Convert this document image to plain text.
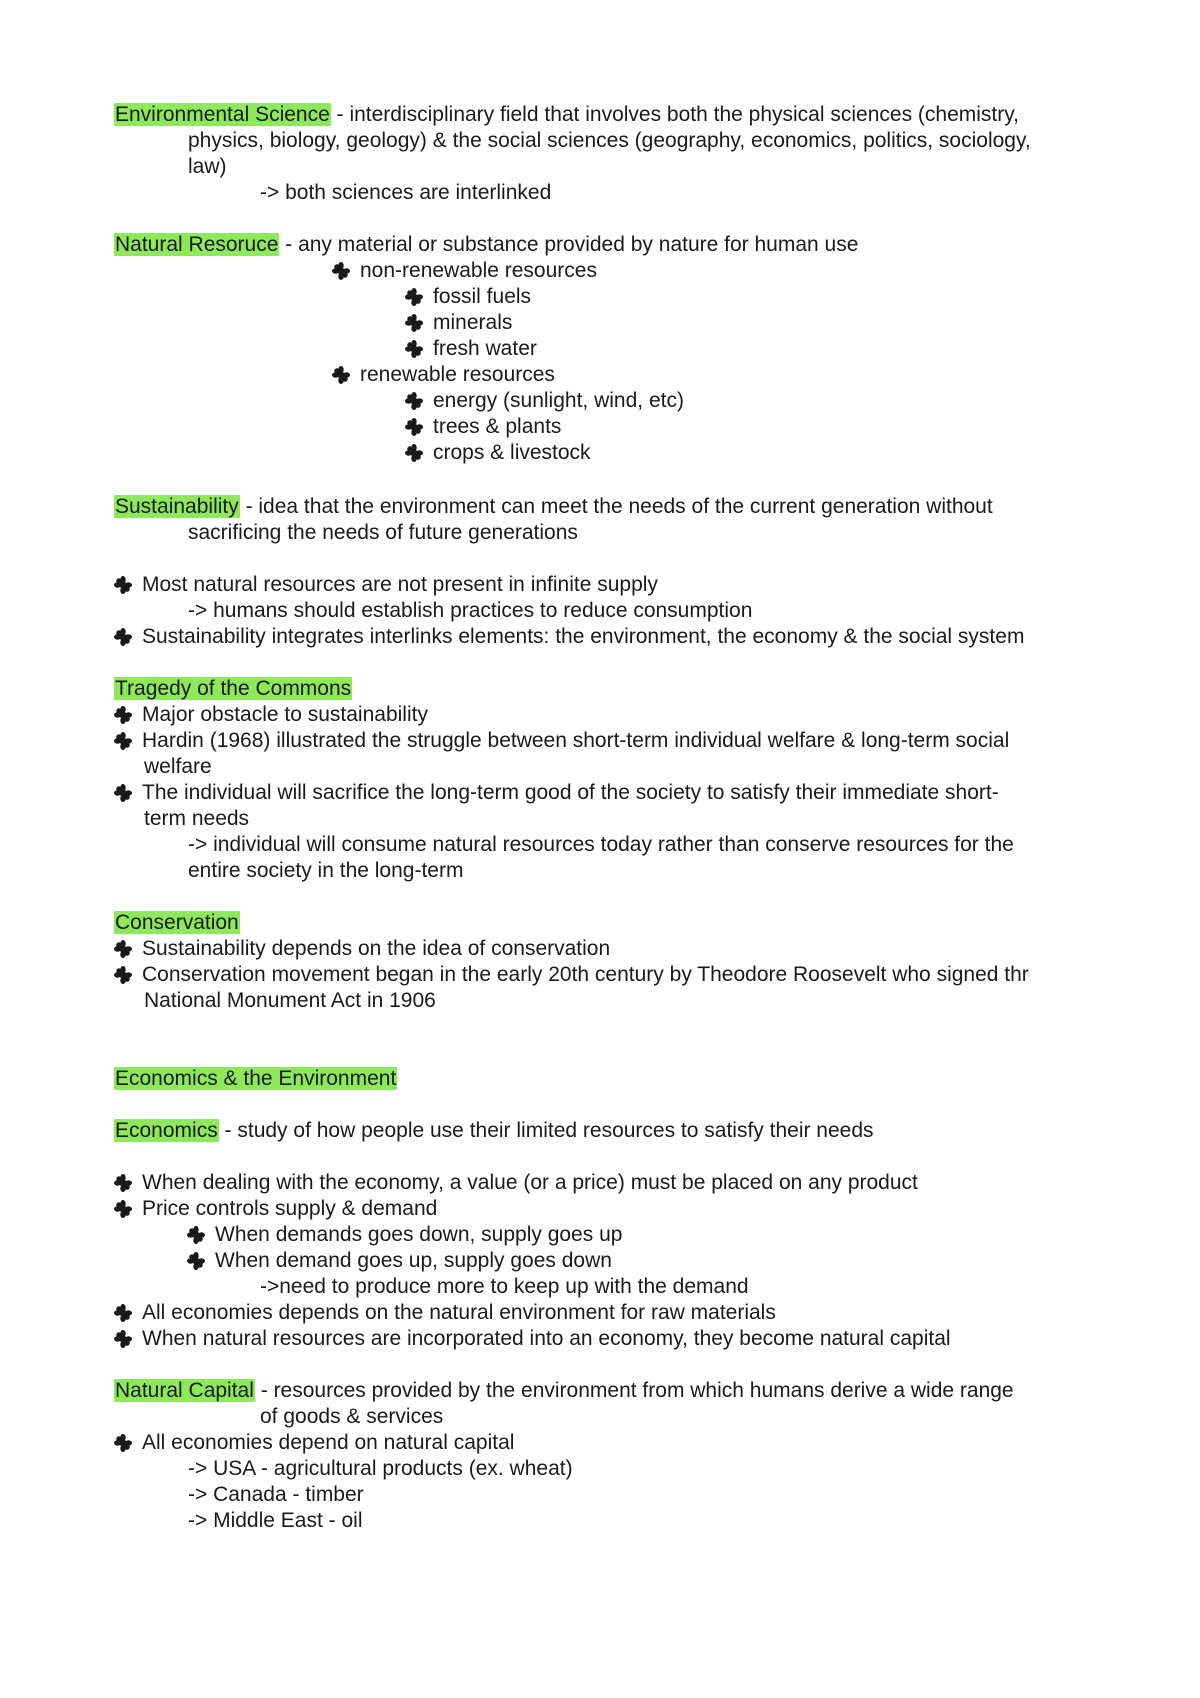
Environmental Science - interdisciplinary field that involves both the physical sciences (chemistry,
physics, biology, geology) & the social sciences (geography, economics, politics, sociology,
law)
-> both sciences are interlinked
Natural Resoruce - any material or substance provided by nature for human use
non-renewable resources
fossil fuels
minerals
fresh water
renewable resources
energy (sunlight, wind, etc)
trees & plants
crops & livestock
Sustainability - idea that the environment can meet the needs of the current generation without
sacrificing the needs of future generations
Most natural resources are not present in infinite supply
-> humans should establish practices to reduce consumption
Sustainability integrates interlinks elements: the environment, the economy & the social system
Tragedy of the Commons
Major obstacle to sustainability
Hardin (1968) illustrated the struggle between short-term individual welfare & long-term social
welfare
The individual will sacrifice the long-term good of the society to satisfy their immediate short-
term needs
-> individual will consume natural resources today rather than conserve resources for the
entire society in the long-term
Conservation
Sustainability depends on the idea of conservation
Conservation movement began in the early 20th century by Theodore Roosevelt who signed thr
National Monument Act in 1906
Economics & the Environment
Economics - study of how people use their limited resources to satisfy their needs
When dealing with the economy, a value (or a price) must be placed on any product
Price controls supply & demand
When demands goes down, supply goes up
When demand goes up, supply goes down
->need to produce more to keep up with the demand
All economies depends on the natural environment for raw materials
When natural resources are incorporated into an economy, they become natural capital
Natural Capital - resources provided by the environment from which humans derive a wide range
of goods & services
All economies depend on natural capital
-> USA - agricultural products (ex. wheat)
-> Canada - timber
-> Middle East - oil
